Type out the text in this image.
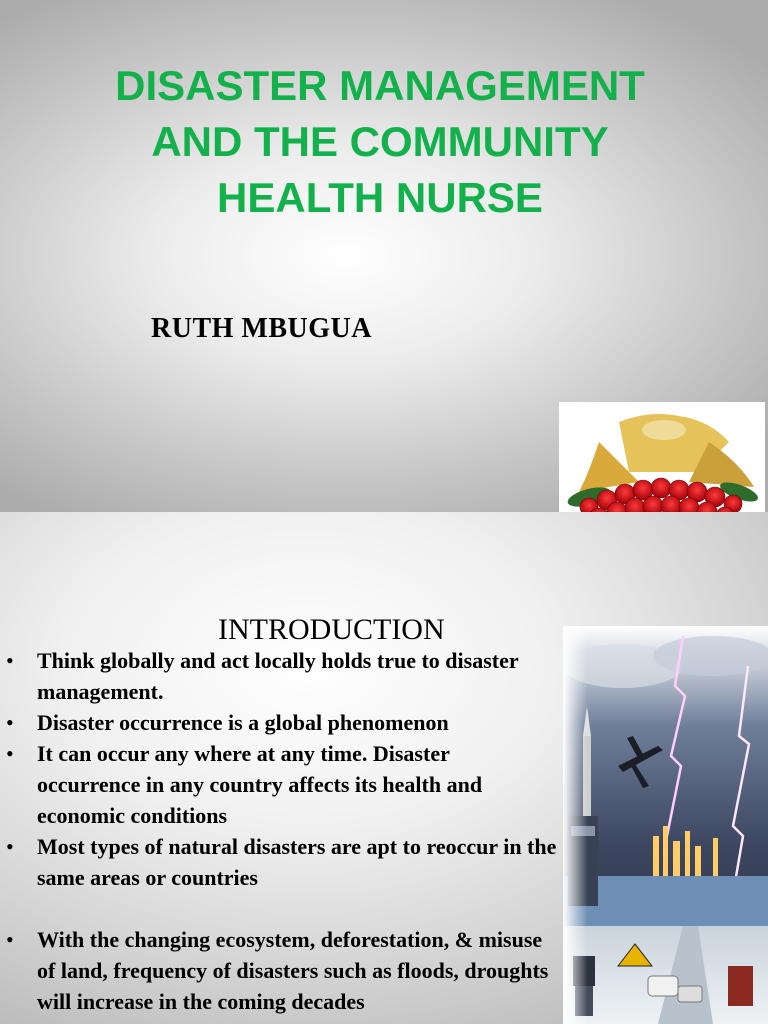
DISASTER MANAGEMENT
AND THE COMMUNITY
HEALTH NURSE
RUTH MBUGUA
INTRODUCTION
• Think globally and act locally holds true to disaster management.
• Disaster occurrence is a global phenomenon
• It can occur any where at any time. Disaster occurrence in any country affects its health and economic conditions
• Most types of natural disasters are apt to reoccur in the same areas or countries
• With the changing ecosystem, deforestation, & misuse of land, frequency of disasters such as floods, droughts will increase in the coming decades
